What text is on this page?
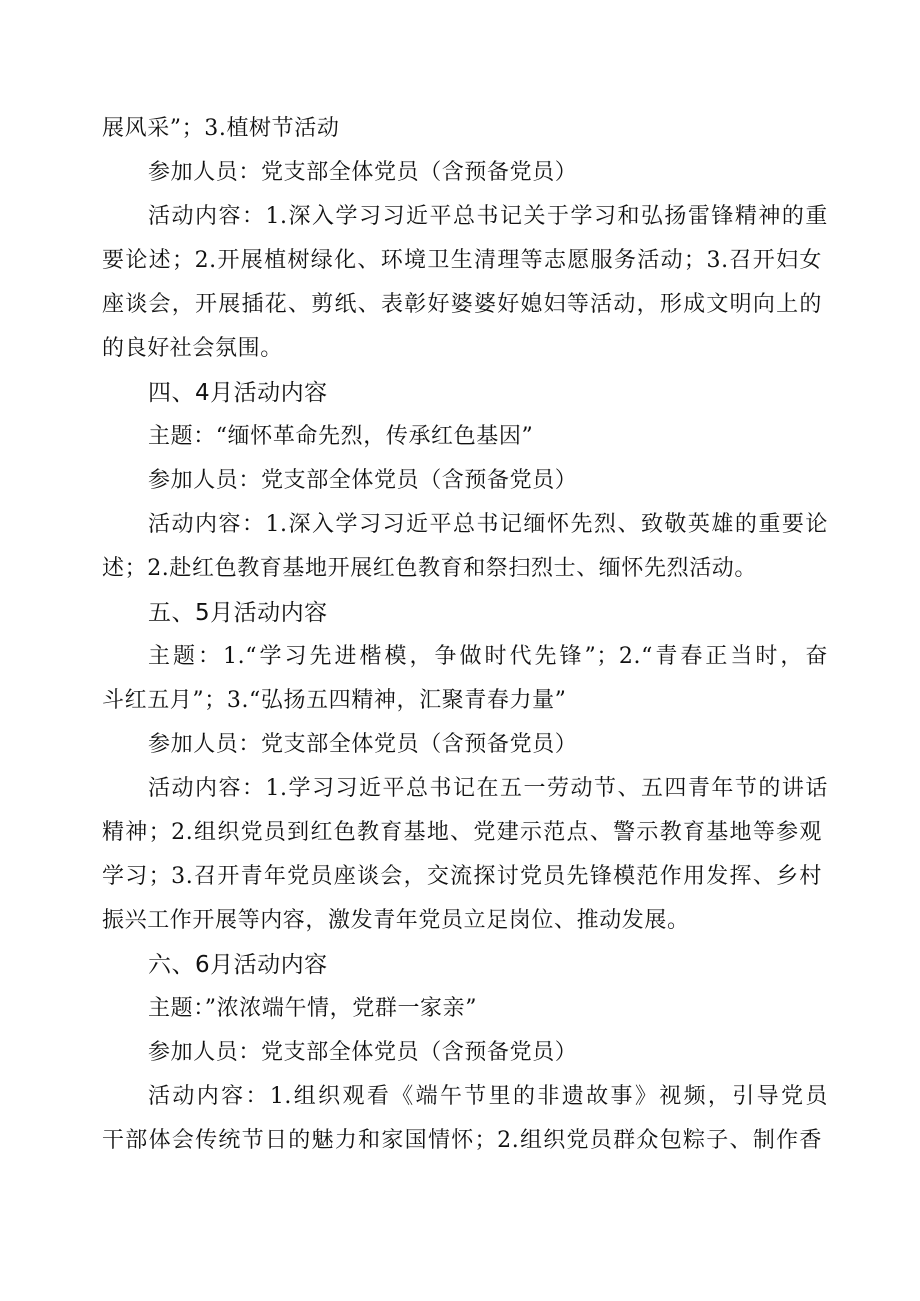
展风采”；3.植树节活动
参加人员：党支部全体党员（含预备党员）
活动内容：1.深入学习习近平总书记关于学习和弘扬雷锋精神的重
要论述；2.开展植树绿化、环境卫生清理等志愿服务活动；3.召开妇女
座谈会，开展插花、剪纸、表彰好婆婆好媳妇等活动，形成文明向上的
的良好社会氛围。
四、4月活动内容
主题：“缅怀革命先烈，传承红色基因”
参加人员：党支部全体党员（含预备党员）
活动内容：1.深入学习习近平总书记缅怀先烈、致敬英雄的重要论
述；2.赴红色教育基地开展红色教育和祭扫烈士、缅怀先烈活动。
五、5月活动内容
主题：1.“学习先进楷模，争做时代先锋”；2.“青春正当时，奋
斗红五月”；3.“弘扬五四精神，汇聚青春力量”
参加人员：党支部全体党员（含预备党员）
活动内容：1.学习习近平总书记在五一劳动节、五四青年节的讲话
精神；2.组织党员到红色教育基地、党建示范点、警示教育基地等参观
学习；3.召开青年党员座谈会，交流探讨党员先锋模范作用发挥、乡村
振兴工作开展等内容，激发青年党员立足岗位、推动发展。
六、6月活动内容
主题：”浓浓端午情，党群一家亲”
参加人员：党支部全体党员（含预备党员）
活动内容：1.组织观看《端午节里的非遗故事》视频，引导党员
干部体会传统节日的魅力和家国情怀；2.组织党员群众包粽子、制作香
